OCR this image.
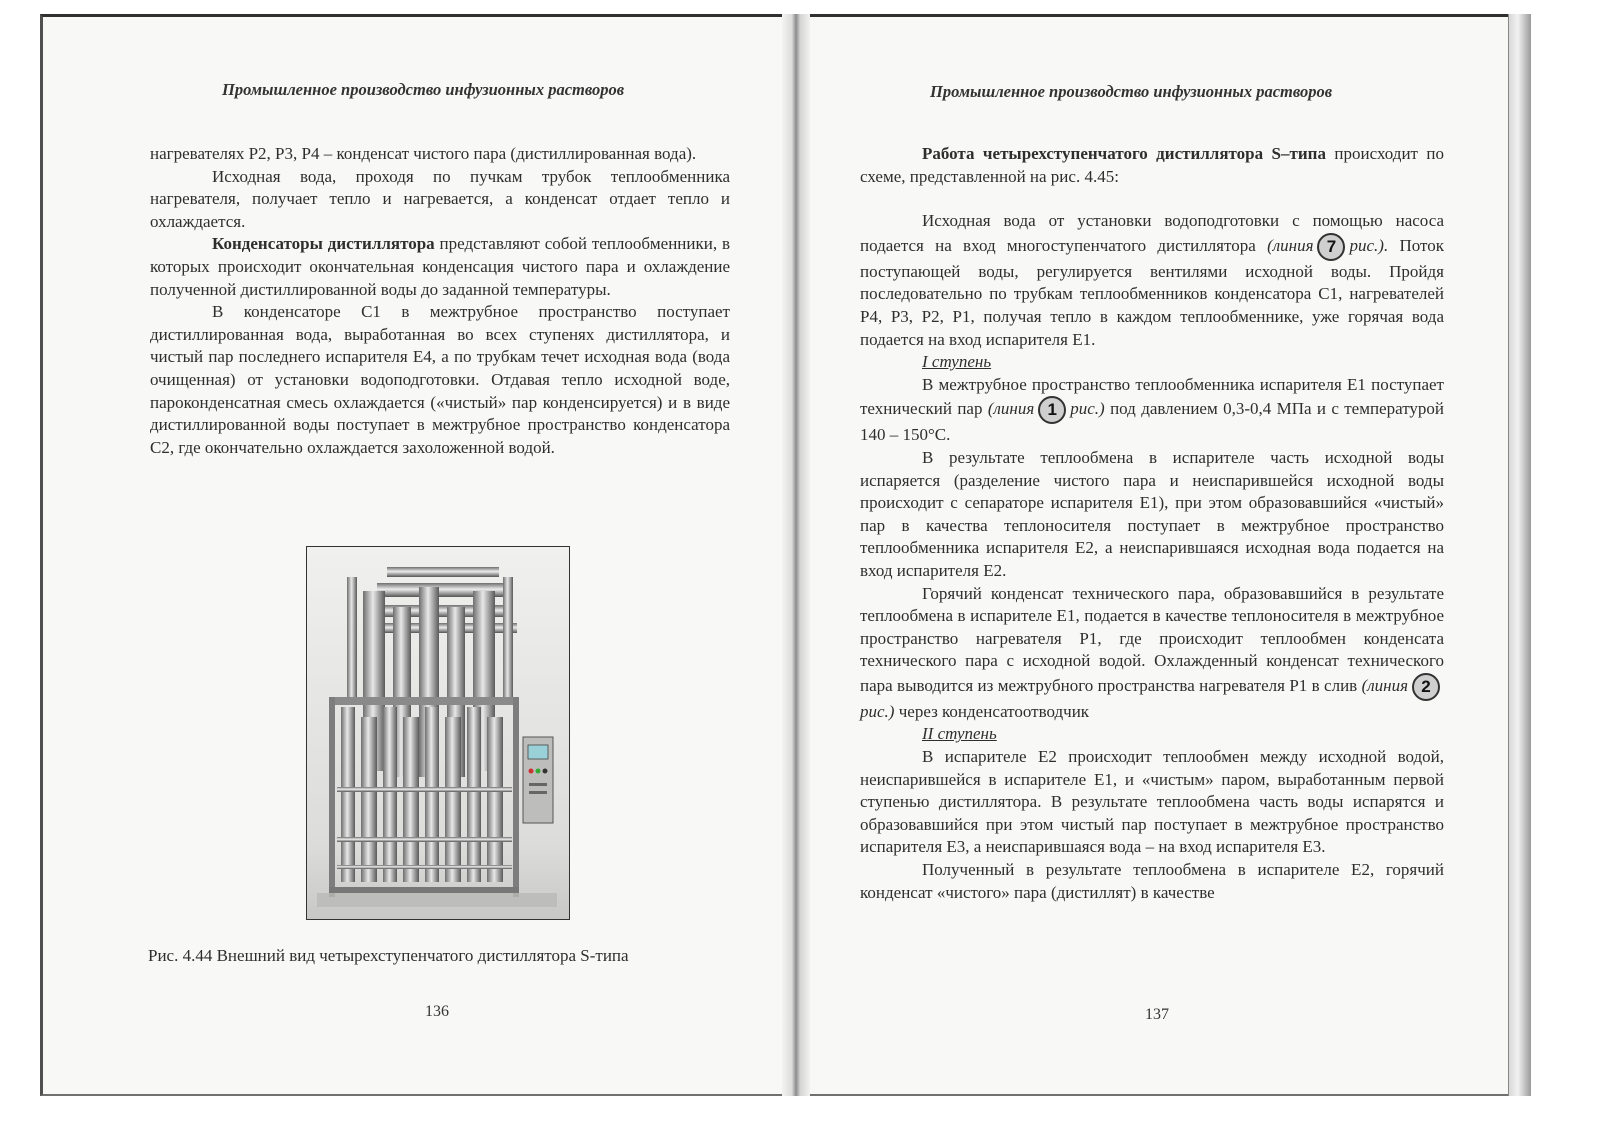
Промышленное производство инфузионных растворов

нагревателях Р2, Р3, Р4 – конденсат чистого пара (дистиллированная вода).

Исходная вода, проходя по пучкам трубок теплообменника нагревателя, получает тепло и нагревается, а конденсат отдает тепло и охлаждается.

Конденсаторы дистиллятора представляют собой теплообменники, в которых происходит окончательная конденсация чистого пара и охлаждение полученной дистиллированной воды до заданной температуры.

В конденсаторе С1 в межтрубное пространство поступает дистиллированная вода, выработанная во всех ступенях дистиллятора, и чистый пар последнего испарителя Е4, а по трубкам течет исходная вода (вода очищенная) от установки водоподготовки. Отдавая тепло исходной воде, пароконденсатная смесь охлаждается («чистый» пар конденсируется) и в виде дистиллированной воды поступает в межтрубное пространство конденсатора С2, где окончательно охлаждается захоложенной водой.

Рис. 4.44 Внешний вид четырехступенчатого дистиллятора S-типа
136
Промышленное производство инфузионных растворов

Работа четырехступенчатого дистиллятора S–типа происходит по схеме, представленной на рис. 4.45:

Исходная вода от установки водоподготовки с помощью насоса подается на вход многоступенчатого дистиллятора (линия 7 рис.). Поток поступающей воды, регулируется вентилями исходной воды. Пройдя последовательно по трубкам теплообменников конденсатора С1, нагревателей Р4, Р3, Р2, Р1, получая тепло в каждом теплообменнике, уже горячая вода подается на вход испарителя Е1.

I ступень

В межтрубное пространство теплообменника испарителя Е1 поступает технический пар (линия 1 рис.) под давлением 0,3-0,4 МПа и с температурой 140 – 150°С.

В результате теплообмена в испарителе часть исходной воды испаряется (разделение чистого пара и неиспарившейся исходной воды происходит с сепараторе испарителя Е1), при этом образовавшийся «чистый» пар в качества теплоносителя поступает в межтрубное пространство теплообменника испарителя Е2, а неиспарившаяся исходная вода подается на вход испарителя Е2.

Горячий конденсат технического пара, образовавшийся в результате теплообмена в испарителе Е1, подается в качестве теплоносителя в межтрубное пространство нагревателя Р1, где происходит теплообмен конденсата технического пара с исходной водой. Охлажденный конденсат технического пара выводится из межтрубного пространства нагревателя Р1 в слив (линия 2рис.) через конденсатоотводчик

II ступень

В испарителе Е2 происходит теплообмен между исходной водой, неиспарившейся в испарителе Е1, и «чистым» паром, выработанным первой ступенью дистиллятора. В результате теплообмена часть воды испарятся и образовавшийся при этом чистый пар поступает в межтрубное пространство испарителя Е3, а неиспарившаяся вода – на вход испарителя Е3.

Полученный в результате теплообмена в испарителе Е2, горячий конденсат «чистого» пара (дистиллят) в качестве

137
